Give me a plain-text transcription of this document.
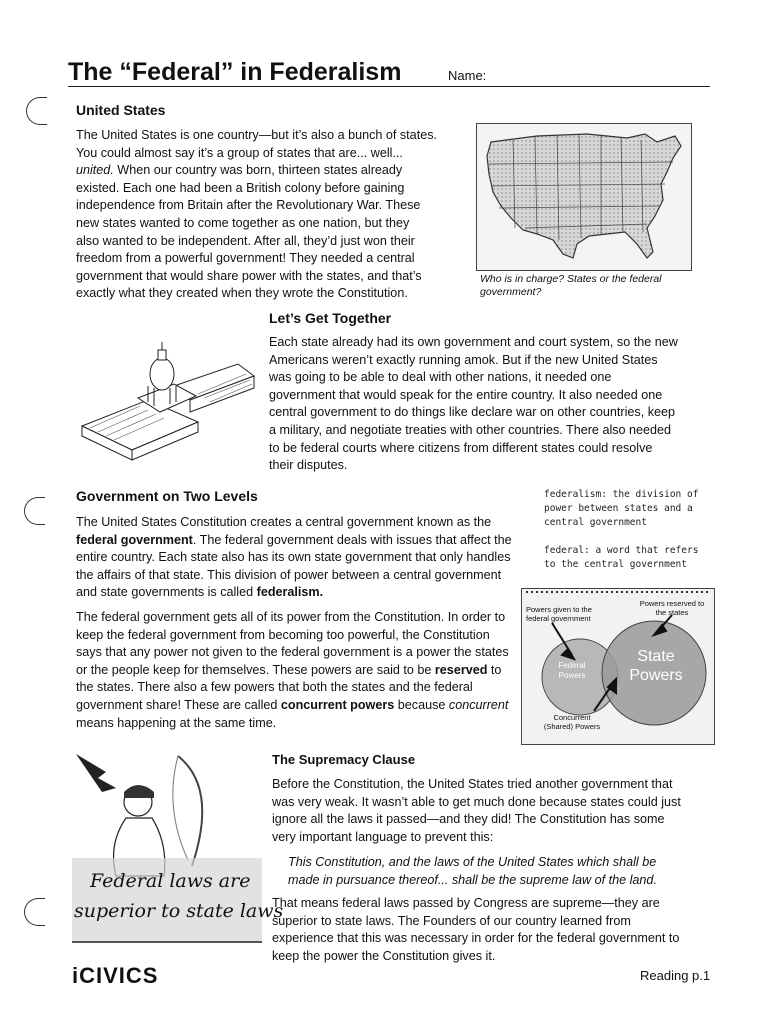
The “Federal” in Federalism	Name:
United States
The United States is one country—but it’s also a bunch of states.
You could almost say it’s a group of states that are... well...
united. When our country was born, thirteen states already
existed. Each one had been a British colony before gaining
independence from Britain after the Revolutionary War. These
new states wanted to come together as one nation, but they
also wanted to be independent. After all, they’d just won their
freedom from a powerful government! They needed a central
government that would share power with the states, and that’s
exactly what they created when they wrote the Constitution.
Who is in charge? States or the federal government?
Let’s Get Together
Each state already had its own government and court system, so the new
Americans weren’t exactly running amok. But if the new United States
was going to be able to deal with other nations, it needed one
government that would speak for the entire country. It also needed one
central government to do things like declare war on other countries, keep
a military, and negotiate treaties with other countries. There also needed
to be federal courts where citizens from different states could resolve
their disputes.
Government on Two Levels
The United States Constitution creates a central government known as the federal government. The federal government deals with issues that affect the entire country. Each state also has its own state government that only handles the affairs of that state. This division of power between a central government and state governments is called federalism.
The federal government gets all of its power from the Constitution. In order to keep the federal government from becoming too powerful, the Constitution says that any power not given to the federal government is a power the states or the people keep for themselves. These powers are said to be reserved to the states. There also a few powers that both the states and the federal government share! These are called concurrent powers because concurrent means happening at the same time.
federalism: the division of power between states and a central government
federal: a word that refers to the central government
Powers given to the federal government
Powers reserved to the states
Federal Powers
State Powers
Concurrent (Shared) Powers
Federal laws are
superior to state laws
The Supremacy Clause
Before the Constitution, the United States tried another government that
was very weak. It wasn’t able to get much done because states could just
ignore all the laws it passed—and they did! The Constitution has some
very important language to prevent this:
This Constitution, and the laws of the United States which shall be
made in pursuance thereof... shall be the supreme law of the land.
That means federal laws passed by Congress are supreme—they are
superior to state laws. The Founders of our country learned from
experience that this was necessary in order for the federal government to
keep the power the Constitution gives it.
iCIVICS	Reading p.1
